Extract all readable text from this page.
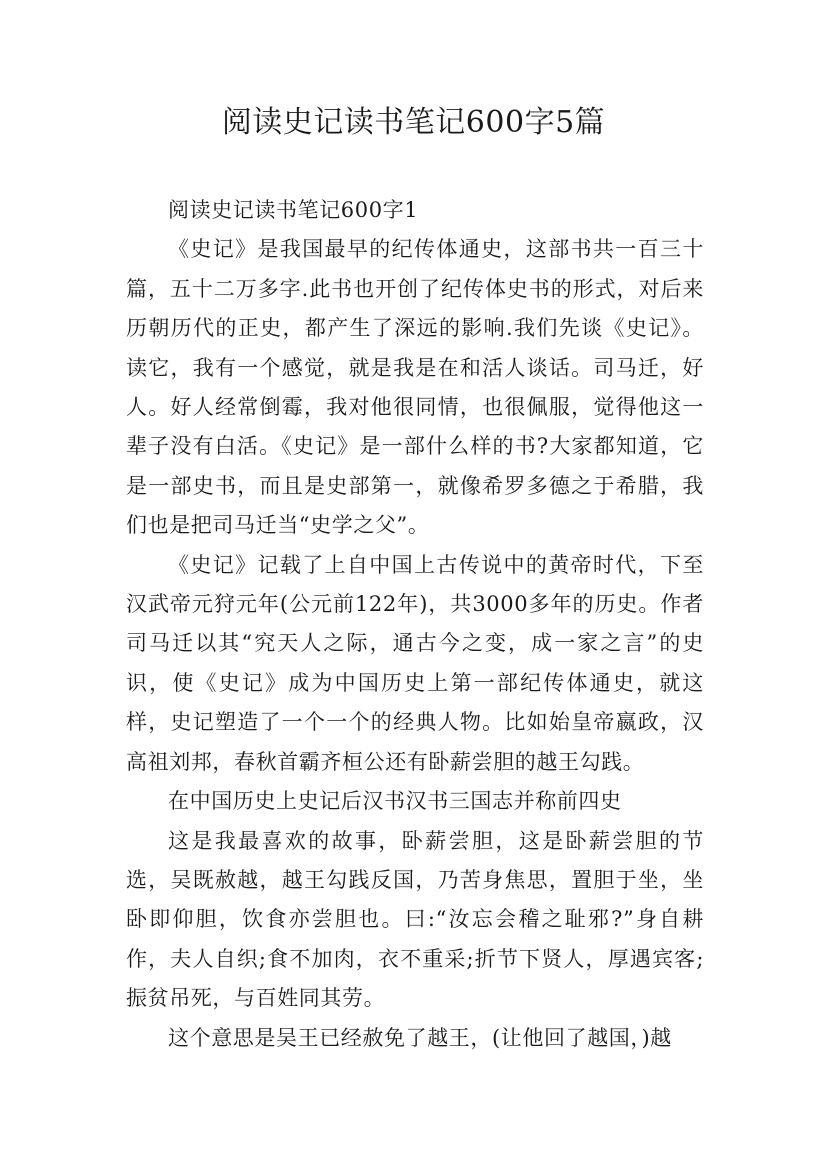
阅读史记读书笔记600字5篇

阅读史记读书笔记600字1

《史记》是我国最早的纪传体通史，这部书共一百三十篇，五十二万多字.此书也开创了纪传体史书的形式，对后来历朝历代的正史，都产生了深远的影响.我们先谈《史记》。读它，我有一个感觉，就是我是在和活人谈话。司马迁，好人。好人经常倒霉，我对他很同情，也很佩服，觉得他这一辈子没有白活。《史记》是一部什么样的书?大家都知道，它是一部史书，而且是史部第一，就像希罗多德之于希腊，我们也是把司马迁当“史学之父”。

《史记》记载了上自中国上古传说中的黄帝时代，下至汉武帝元狩元年(公元前122年)，共3000多年的历史。作者司马迁以其“究天人之际，通古今之变，成一家之言”的史识，使《史记》成为中国历史上第一部纪传体通史，就这样，史记塑造了一个一个的经典人物。比如始皇帝嬴政，汉高祖刘邦，春秋首霸齐桓公还有卧薪尝胆的越王勾践。

在中国历史上史记后汉书汉书三国志并称前四史

这是我最喜欢的故事，卧薪尝胆，这是卧薪尝胆的节选，吴既赦越，越王勾践反国，乃苦身焦思，置胆于坐，坐卧即仰胆，饮食亦尝胆也。曰:“汝忘会稽之耻邪?”身自耕作，夫人自织;食不加肉，衣不重采;折节下贤人，厚遇宾客;振贫吊死，与百姓同其劳。

这个意思是吴王已经赦免了越王，(让他回了越国，)越
